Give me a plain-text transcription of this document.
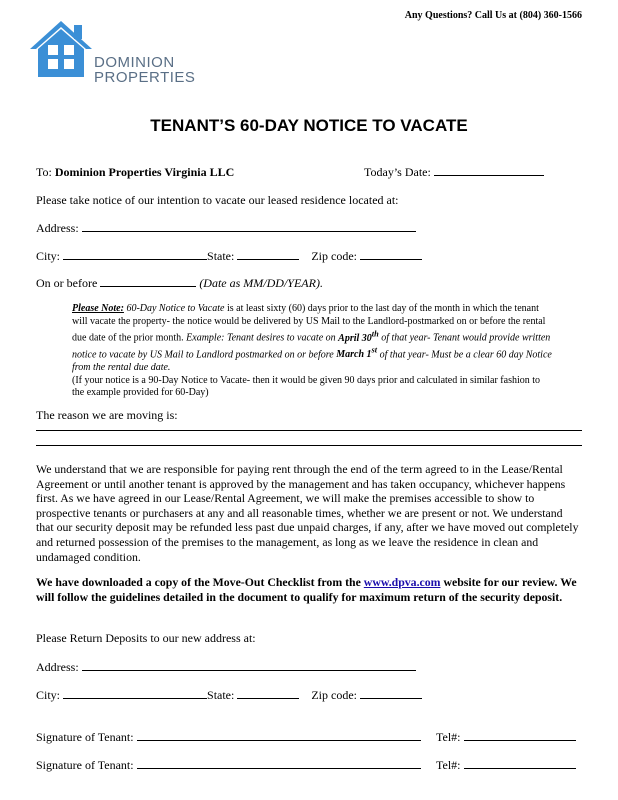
Any Questions? Call Us at (804) 360-1566
DOMINION
PROPERTIES
TENANT’S 60-DAY NOTICE TO VACATE
To: Dominion Properties Virginia LLC	Today’s Date:
Please take notice of our intention to vacate our leased residence located at:
Address:
City:	State:	Zip code:
On or before	(Date as MM/DD/YEAR).
Please Note: 60-Day Notice to Vacate is at least sixty (60) days prior to the last day of the month in which the tenant will vacate the property- the notice would be delivered by US Mail to the Landlord-postmarked on or before the rental due date of the prior month. Example: Tenant desires to vacate on April 30th of that year- Tenant would provide written notice to vacate by US Mail to Landlord postmarked on or before March 1st of that year- Must be a clear 60 day Notice from the rental due date.
(If your notice is a 90-Day Notice to Vacate- then it would be given 90 days prior and calculated in similar fashion to the example provided for 60-Day)
The reason we are moving is:
We understand that we are responsible for paying rent through the end of the term agreed to in the Lease/Rental Agreement or until another tenant is approved by the management and has taken occupancy, whichever happens first. As we have agreed in our Lease/Rental Agreement, we will make the premises accessible to show to prospective tenants or purchasers at any and all reasonable times, whether we are present or not. We understand that our security deposit may be refunded less past due unpaid charges, if any, after we have moved out completely and returned possession of the premises to the management, as long as we leave the residence in clean and undamaged condition.
We have downloaded a copy of the Move-Out Checklist from the www.dpva.com website for our review. We will follow the guidelines detailed in the document to qualify for maximum return of the security deposit.
Please Return Deposits to our new address at:
Address:
City:	State:	Zip code:
Signature of Tenant:	Tel#:
Signature of Tenant:	Tel#:
